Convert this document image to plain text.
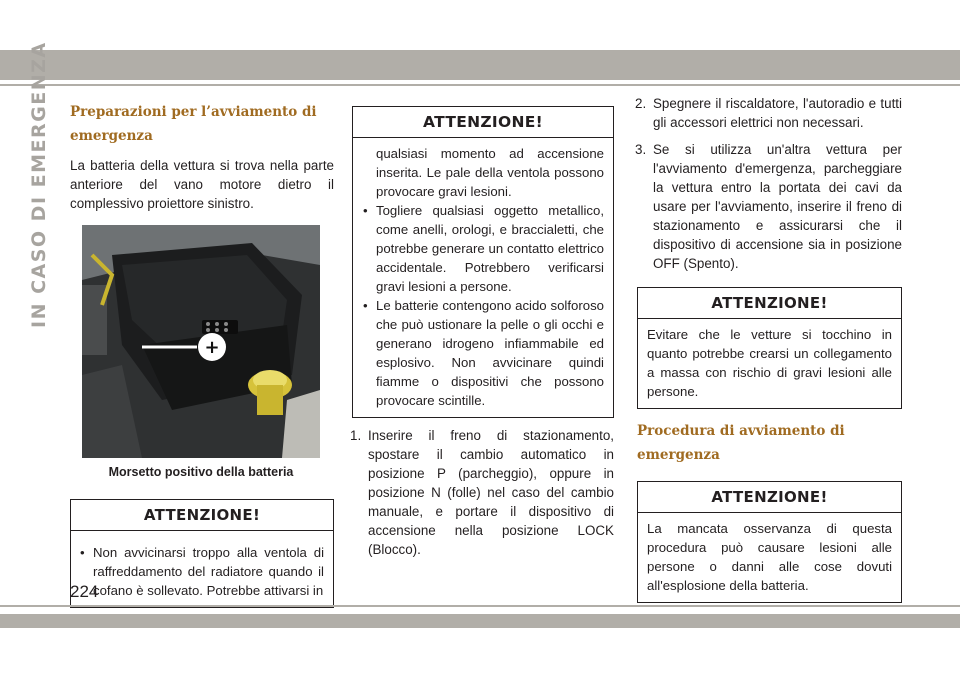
IN CASO DI EMERGENZA Preparazioni per l’avviamento di emergenza

La batteria della vettura si trova nella parte anteriore del vano motore dietro il complessivo proiettore sinistro.

+
Morsetto positivo della batteria
ATTENZIONE!
• Non avvicinarsi troppo alla ventola di raffreddamento del radiatore quando il cofano è sollevato. Potrebbe attivarsi in
ATTENZIONE!
qualsiasi momento ad accensione inserita. Le pale della ventola possono provocare gravi lesioni.
• Togliere qualsiasi oggetto metallico, come anelli, orologi, e braccialetti, che potrebbe generare un contatto elettrico accidentale. Potrebbero verificarsi gravi lesioni a persone.
• Le batterie contengono acido solforoso che può ustionare la pelle o gli occhi e generano idrogeno infiammabile ed esplosivo. Non avvicinare quindi fiamme o dispositivi che possono provocare scintille.
1. Inserire il freno di stazionamento, spostare il cambio automatico in posizione P (parcheggio), oppure in posizione N (folle) nel caso del cambio manuale, e portare il dispositivo di accensione nella posizione LOCK (Blocco).
2. Spegnere il riscaldatore, l'autoradio e tutti gli accessori elettrici non necessari.
3. Se si utilizza un'altra vettura per l'avviamento d'emergenza, parcheggiare la vettura entro la portata dei cavi da usare per l'avviamento, inserire il freno di stazionamento e assicurarsi che il dispositivo di accensione sia in posizione OFF (Spento).
ATTENZIONE!
Evitare che le vetture si tocchino in quanto potrebbe crearsi un collegamento a massa con rischio di gravi lesioni alle persone.
Procedura di avviamento di emergenza
ATTENZIONE!
La mancata osservanza di questa procedura può causare lesioni alle persone o danni alle cose dovuti all'esplosione della batteria.
224
